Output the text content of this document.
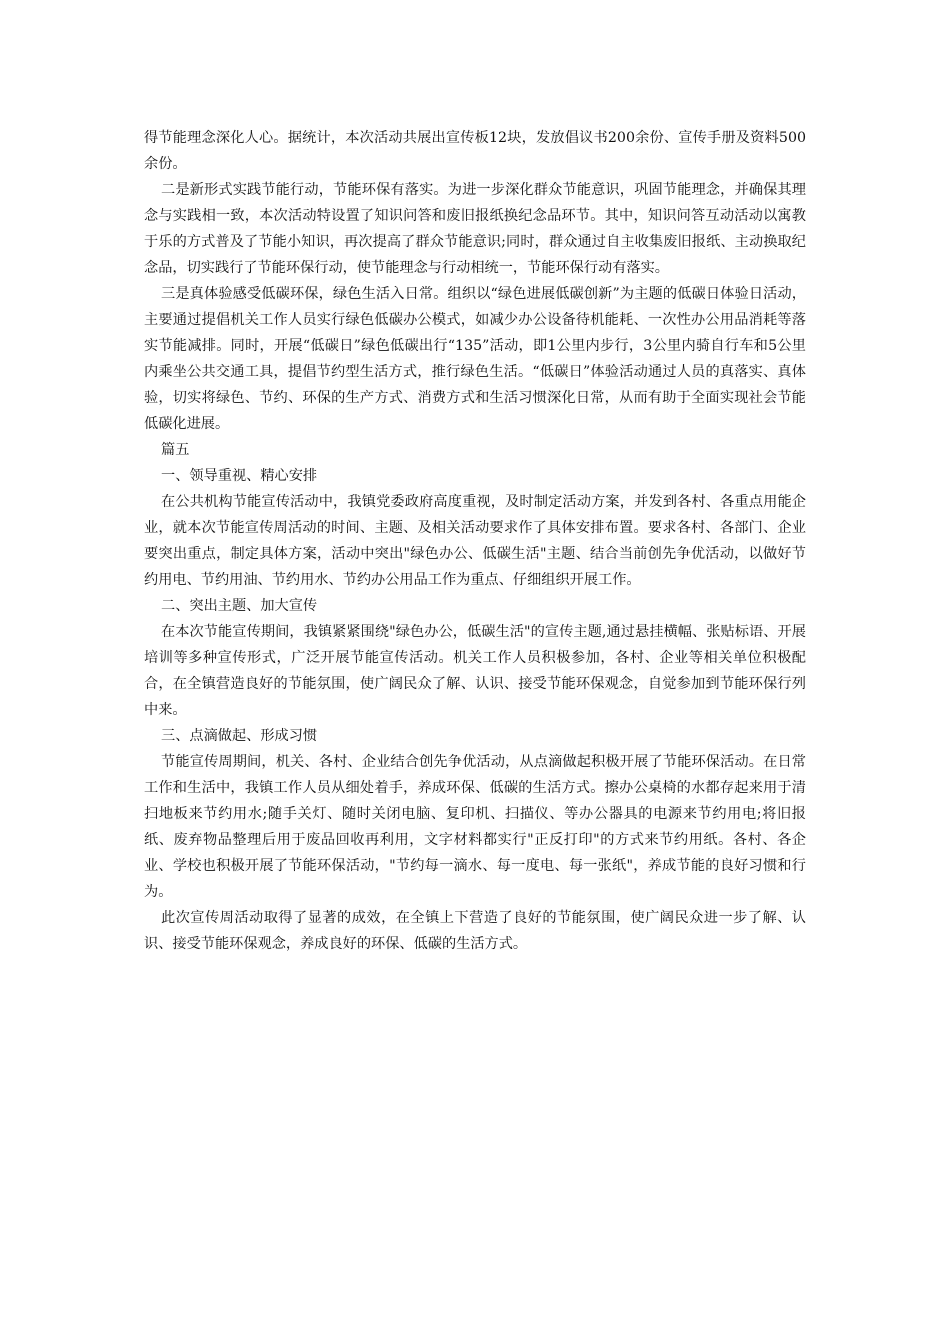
得节能理念深化人心。据统计，本次活动共展出宣传板12块，发放倡议书200余份、宣传手册及资料500余份。

二是新形式实践节能行动，节能环保有落实。为进一步深化群众节能意识，巩固节能理念，并确保其理念与实践相一致，本次活动特设置了知识问答和废旧报纸换纪念品环节。其中，知识问答互动活动以寓教于乐的方式普及了节能小知识，再次提高了群众节能意识;同时，群众通过自主收集废旧报纸、主动换取纪念品，切实践行了节能环保行动，使节能理念与行动相统一，节能环保行动有落实。

三是真体验感受低碳环保，绿色生活入日常。组织以“绿色进展低碳创新”为主题的低碳日体验日活动，主要通过提倡机关工作人员实行绿色低碳办公模式，如减少办公设备待机能耗、一次性办公用品消耗等落实节能减排。同时，开展“低碳日”绿色低碳出行“135”活动，即1公里内步行，3公里内骑自行车和5公里内乘坐公共交通工具，提倡节约型生活方式，推行绿色生活。“低碳日”体验活动通过人员的真落实、真体验，切实将绿色、节约、环保的生产方式、消费方式和生活习惯深化日常，从而有助于全面实现社会节能低碳化进展。

篇五

一、领导重视、精心安排

在公共机构节能宣传活动中，我镇党委政府高度重视，及时制定活动方案，并发到各村、各重点用能企业，就本次节能宣传周活动的时间、主题、及相关活动要求作了具体安排布置。要求各村、各部门、企业要突出重点，制定具体方案，活动中突出"绿色办公、低碳生活"主题、结合当前创先争优活动，以做好节约用电、节约用油、节约用水、节约办公用品工作为重点、仔细组织开展工作。

二、突出主题、加大宣传

在本次节能宣传期间，我镇紧紧围绕"绿色办公，低碳生活"的宣传主题,通过悬挂横幅、张贴标语、开展培训等多种宣传形式，广泛开展节能宣传活动。机关工作人员积极参加，各村、企业等相关单位积极配合，在全镇营造良好的节能氛围，使广阔民众了解、认识、接受节能环保观念，自觉参加到节能环保行列中来。

三、点滴做起、形成习惯

节能宣传周期间，机关、各村、企业结合创先争优活动，从点滴做起积极开展了节能环保活动。在日常工作和生活中，我镇工作人员从细处着手，养成环保、低碳的生活方式。擦办公桌椅的水都存起来用于清扫地板来节约用水;随手关灯、随时关闭电脑、复印机、扫描仪、等办公器具的电源来节约用电;将旧报纸、废弃物品整理后用于废品回收再利用，文字材料都实行"正反打印"的方式来节约用纸。各村、各企业、学校也积极开展了节能环保活动，"节约每一滴水、每一度电、每一张纸"，养成节能的良好习惯和行为。

此次宣传周活动取得了显著的成效，在全镇上下营造了良好的节能氛围，使广阔民众进一步了解、认识、接受节能环保观念，养成良好的环保、低碳的生活方式。
